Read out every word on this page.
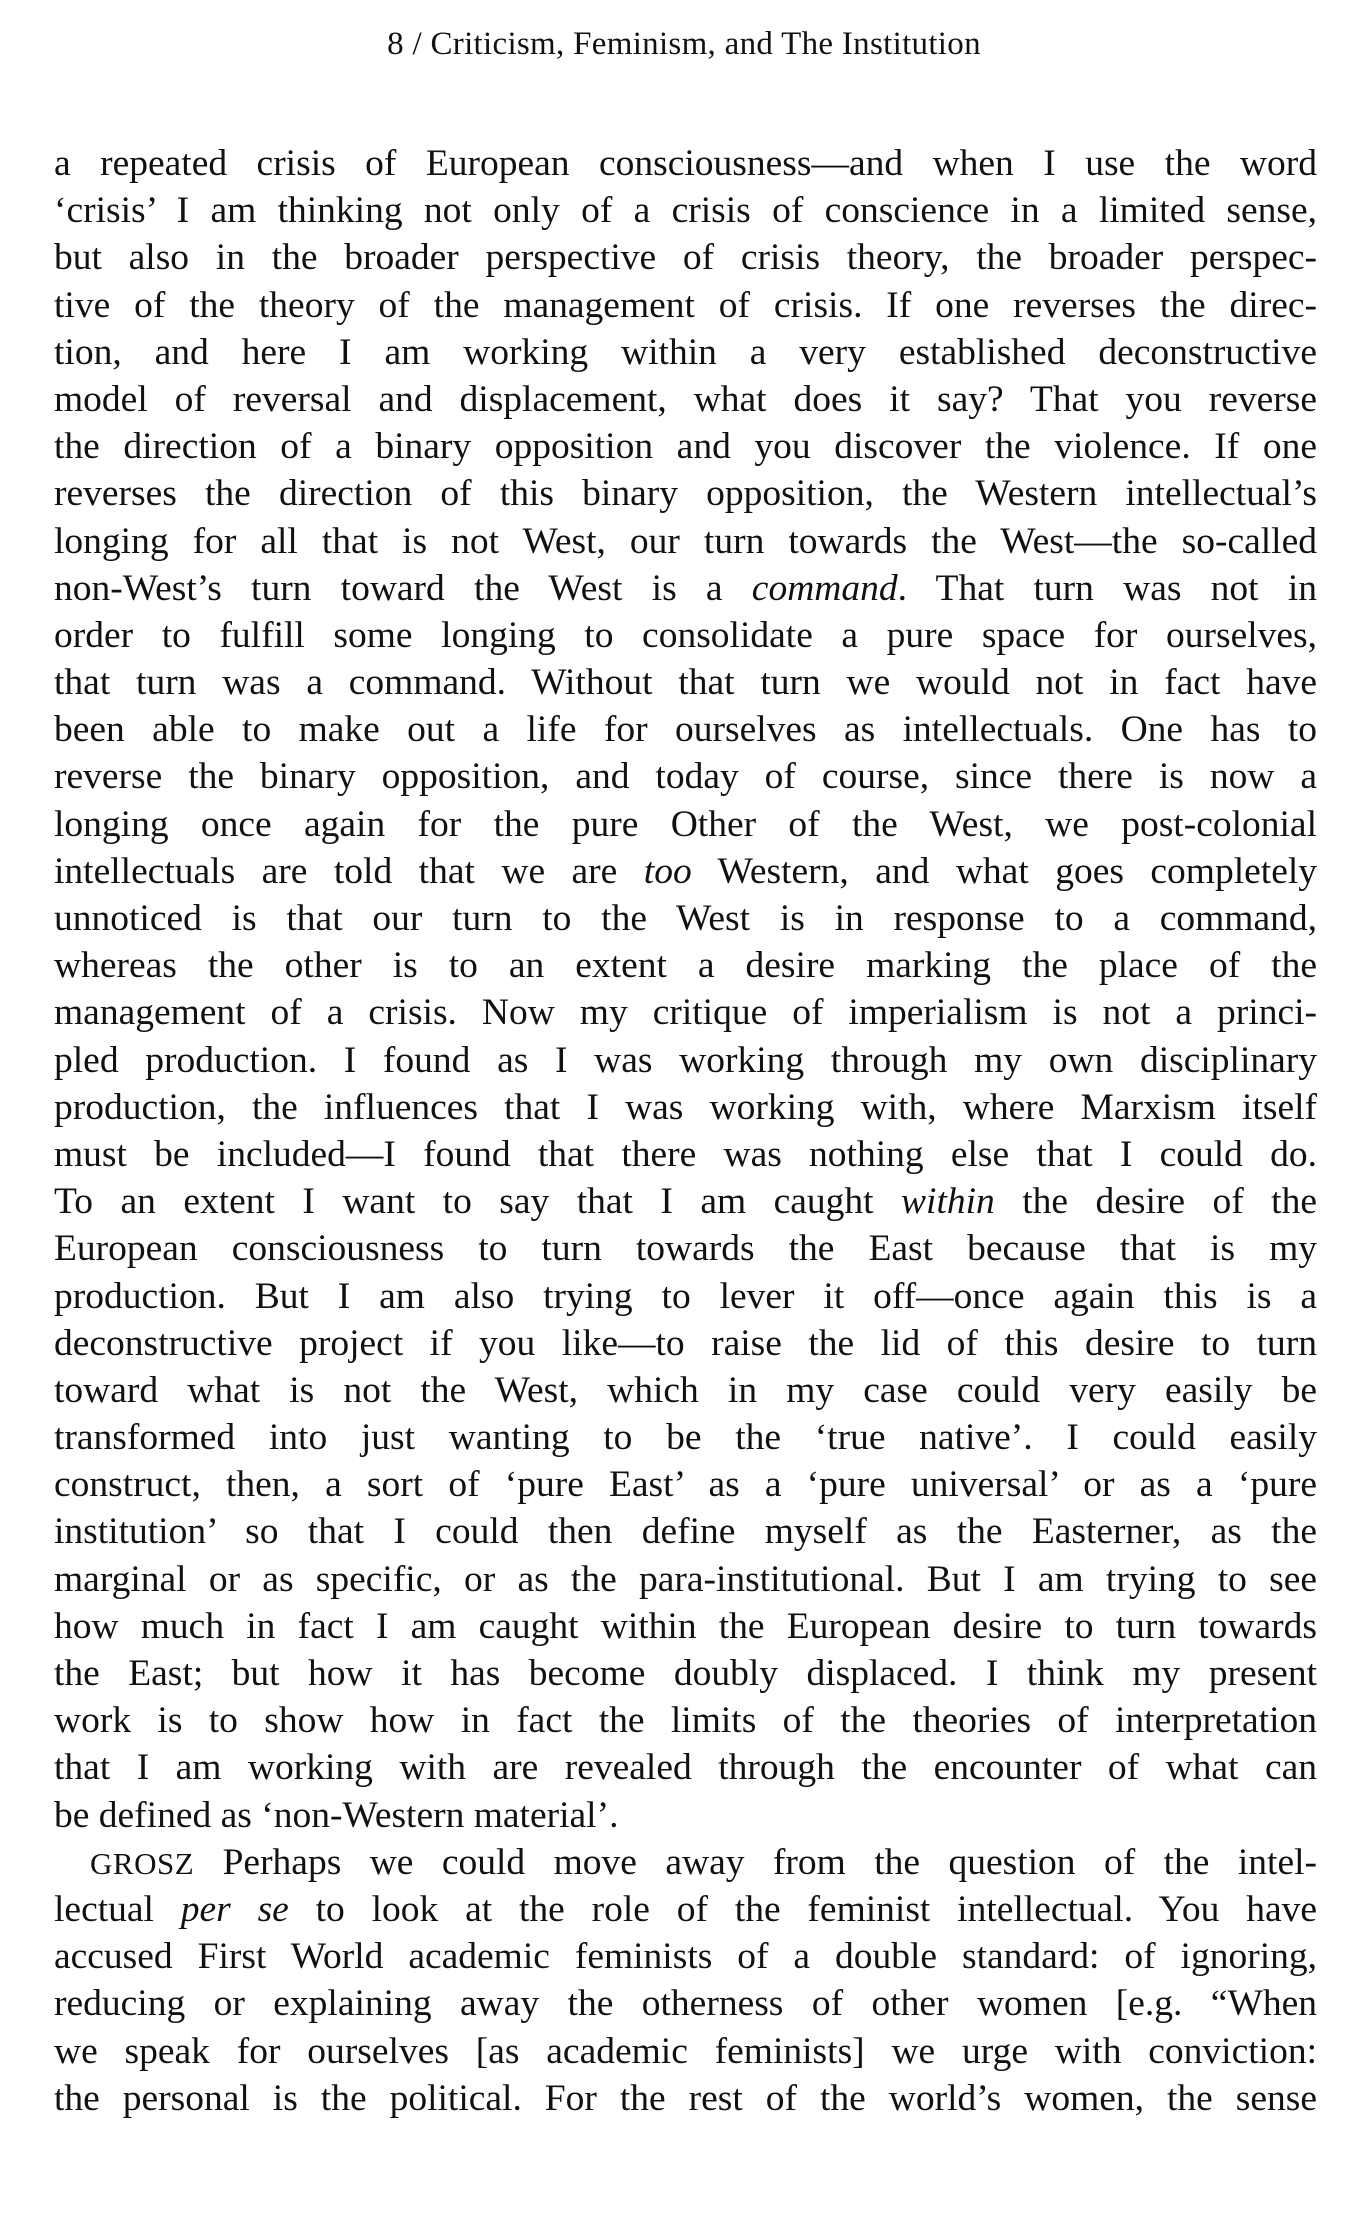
8 / Criticism, Feminism, and The Institution
a repeated crisis of European consciousness—and when I use the word
‘crisis’ I am thinking not only of a crisis of conscience in a limited sense,
but also in the broader perspective of crisis theory, the broader perspec-
tive of the theory of the management of crisis. If one reverses the direc-
tion, and here I am working within a very established deconstructive
model of reversal and displacement, what does it say? That you reverse
the direction of a binary opposition and you discover the violence. If one
reverses the direction of this binary opposition, the Western intellectual’s
longing for all that is not West, our turn towards the West—the so-called
non-West’s turn toward the West is a command. That turn was not in
order to fulfill some longing to consolidate a pure space for ourselves,
that turn was a command. Without that turn we would not in fact have
been able to make out a life for ourselves as intellectuals. One has to
reverse the binary opposition, and today of course, since there is now a
longing once again for the pure Other of the West, we post-colonial
intellectuals are told that we are too Western, and what goes completely
unnoticed is that our turn to the West is in response to a command,
whereas the other is to an extent a desire marking the place of the
management of a crisis. Now my critique of imperialism is not a princi-
pled production. I found as I was working through my own disciplinary
production, the influences that I was working with, where Marxism itself
must be included—I found that there was nothing else that I could do.
To an extent I want to say that I am caught within the desire of the
European consciousness to turn towards the East because that is my
production. But I am also trying to lever it off—once again this is a
deconstructive project if you like—to raise the lid of this desire to turn
toward what is not the West, which in my case could very easily be
transformed into just wanting to be the ‘true native’. I could easily
construct, then, a sort of ‘pure East’ as a ‘pure universal’ or as a ‘pure
institution’ so that I could then define myself as the Easterner, as the
marginal or as specific, or as the para-institutional. But I am trying to see
how much in fact I am caught within the European desire to turn towards
the East; but how it has become doubly displaced. I think my present
work is to show how in fact the limits of the theories of interpretation
that I am working with are revealed through the encounter of what can
be defined as ‘non-Western material’.
GROSZ Perhaps we could move away from the question of the intel-
lectual per se to look at the role of the feminist intellectual. You have
accused First World academic feminists of a double standard: of ignoring,
reducing or explaining away the otherness of other women [e.g. “When
we speak for ourselves [as academic feminists] we urge with conviction:
the personal is the political. For the rest of the world’s women, the sense
